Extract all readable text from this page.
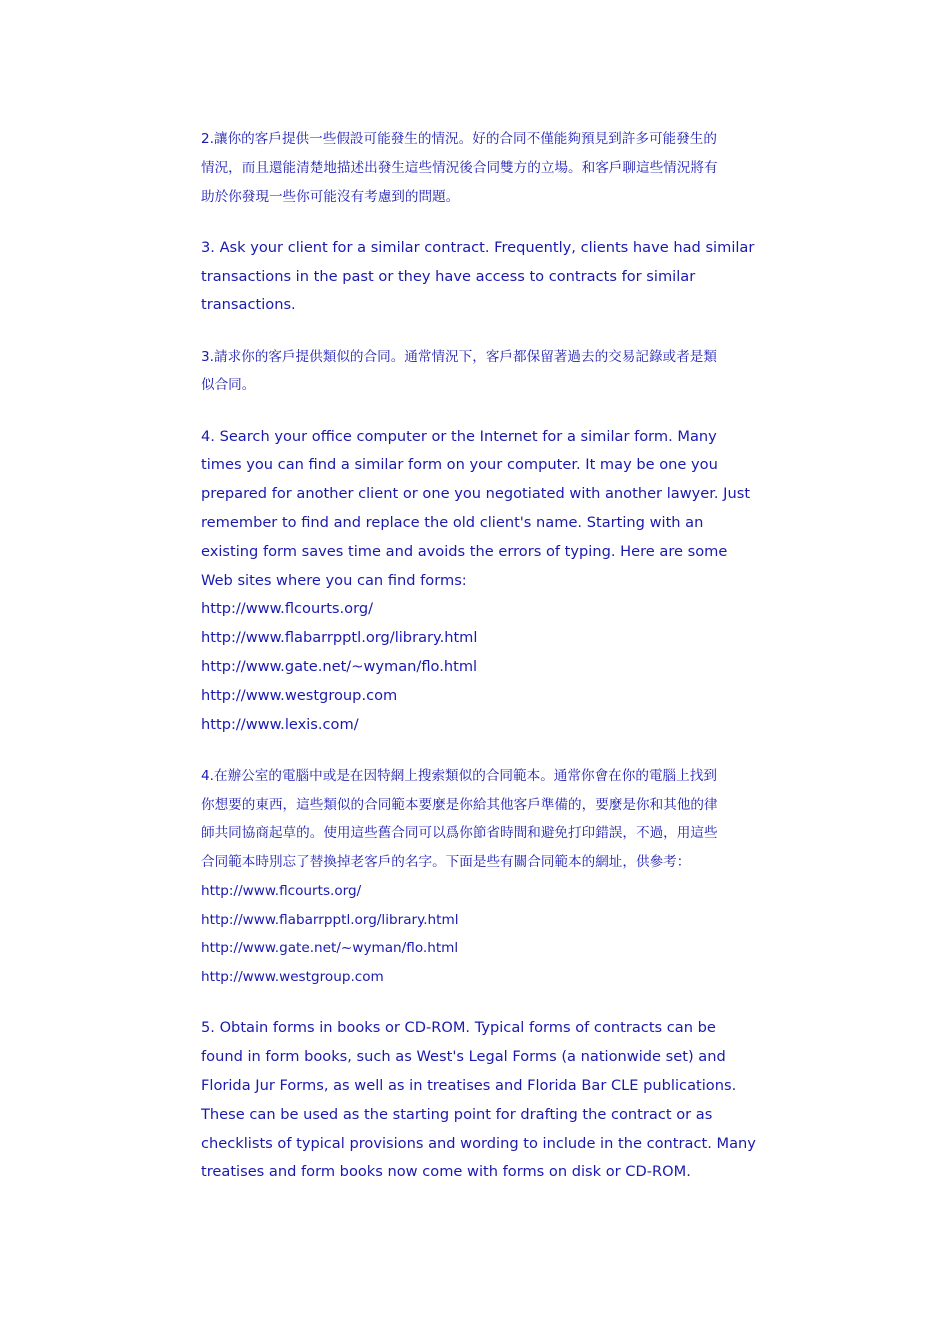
2.讓你的客戶提供一些假設可能發生的情況。好的合同不僅能夠預見到許多可能發生的
情況，而且還能清楚地描述出發生這些情況後合同雙方的立場。和客戶聊這些情況將有
助於你發現一些你可能沒有考慮到的問題。

3. Ask your client for a similar contract. Frequently, clients have had similar
transactions in the past or they have access to contracts for similar
transactions.

3.請求你的客戶提供類似的合同。通常情況下，客戶都保留著過去的交易記錄或者是類
似合同。

4. Search your office computer or the Internet for a similar form. Many
times you can find a similar form on your computer. It may be one you
prepared for another client or one you negotiated with another lawyer. Just
remember to find and replace the old client's name. Starting with an
existing form saves time and avoids the errors of typing. Here are some
Web sites where you can find forms:
http://www.flcourts.org/
http://www.flabarrpptl.org/library.html
http://www.gate.net/~wyman/flo.html
http://www.westgroup.com
http://www.lexis.com/

4.在辦公室的電腦中或是在因特網上搜索類似的合同範本。通常你會在你的電腦上找到
你想要的東西，這些類似的合同範本要麼是你給其他客戶準備的，要麼是你和其他的律
師共同協商起草的。使用這些舊合同可以爲你節省時間和避免打印錯誤，不過，用這些
合同範本時別忘了替換掉老客戶的名字。下面是些有關合同範本的網址，供參考：
http://www.flcourts.org/
http://www.flabarrpptl.org/library.html
http://www.gate.net/~wyman/flo.html
http://www.westgroup.com

5. Obtain forms in books or CD-ROM. Typical forms of contracts can be
found in form books, such as West's Legal Forms (a nationwide set) and
Florida Jur Forms, as well as in treatises and Florida Bar CLE publications.
These can be used as the starting point for drafting the contract or as
checklists of typical provisions and wording to include in the contract. Many
treatises and form books now come with forms on disk or CD-ROM.
